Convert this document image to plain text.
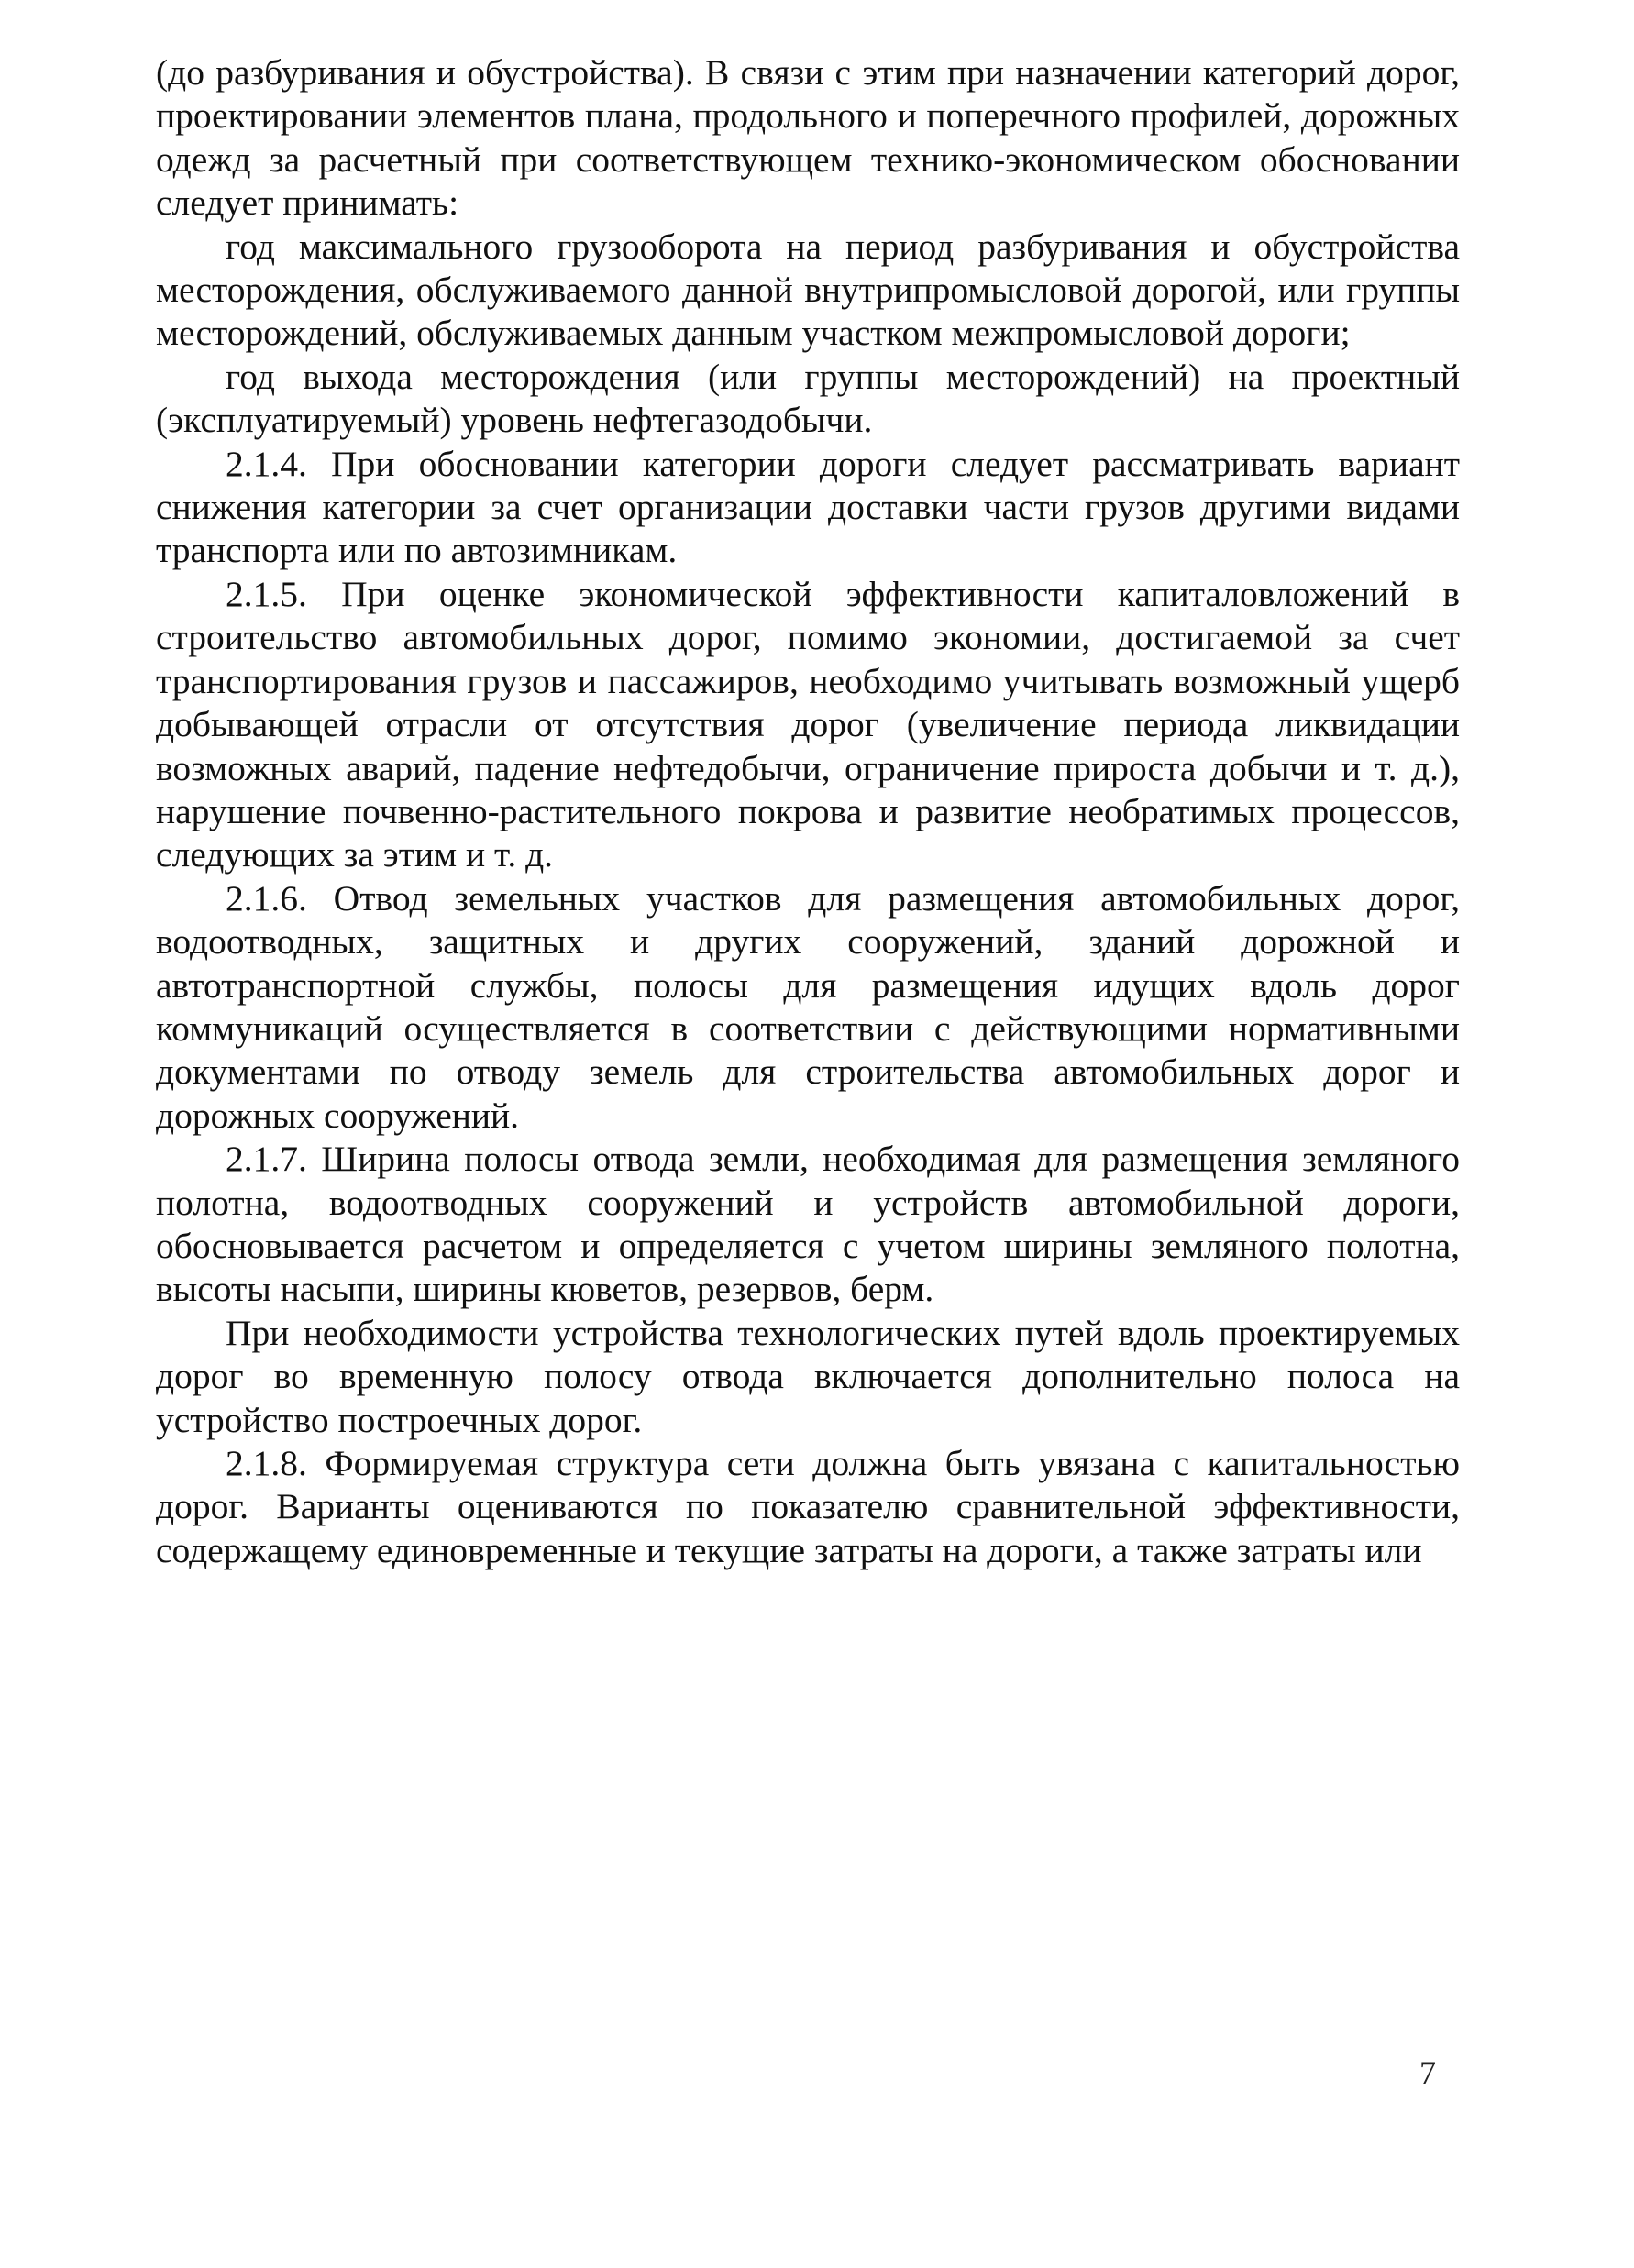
(до разбуривания и обустройства). В связи с этим при назначении категорий дорог, проектировании элементов плана, продольного и поперечного профилей, дорожных одежд за расчетный при соответствующем технико-экономическом обосновании следует принимать:

год максимального грузооборота на период разбуривания и обустройства месторождения, обслуживаемого данной внутрипромысловой дорогой, или группы месторождений, обслуживаемых данным участком межпромысловой дороги;

год выхода месторождения (или группы месторождений) на проектный (эксплуатируемый) уровень нефтегазодобычи.

2.1.4. При обосновании категории дороги следует рассматривать вариант снижения категории за счет организации доставки части грузов другими видами транспорта или по автозимникам.

2.1.5. При оценке экономической эффективности капиталовложений в строительство автомобильных дорог, помимо экономии, достигаемой за счет транспортирования грузов и пассажиров, необходимо учитывать возможный ущерб добывающей отрасли от отсутствия дорог (увеличение периода ликвидации возможных аварий, падение нефтедобычи, ограничение прироста добычи и т. д.), нарушение почвенно-растительного покрова и развитие необратимых процессов, следующих за этим и т. д.

2.1.6. Отвод земельных участков для размещения автомобильных дорог, водоотводных, защитных и других сооружений, зданий дорожной и автотранспортной службы, полосы для размещения идущих вдоль дорог коммуникаций осуществляется в соответствии с действующими нормативными документами по отводу земель для строительства автомобильных дорог и дорожных сооружений.

2.1.7. Ширина полосы отвода земли, необходимая для размещения земляного полотна, водоотводных сооружений и устройств автомобильной дороги, обосновывается расчетом и определяется с учетом ширины земляного полотна, высоты насыпи, ширины кюветов, резервов, берм.

При необходимости устройства технологических путей вдоль проектируемых дорог во временную полосу отвода включается дополнительно полоса на устройство построечных дорог.

2.1.8. Формируемая структура сети должна быть увязана с капитальностью дорог. Варианты оцениваются по показателю сравнительной эффективности, содержащему единовременные и текущие затраты на дороги, а также затраты или

7
